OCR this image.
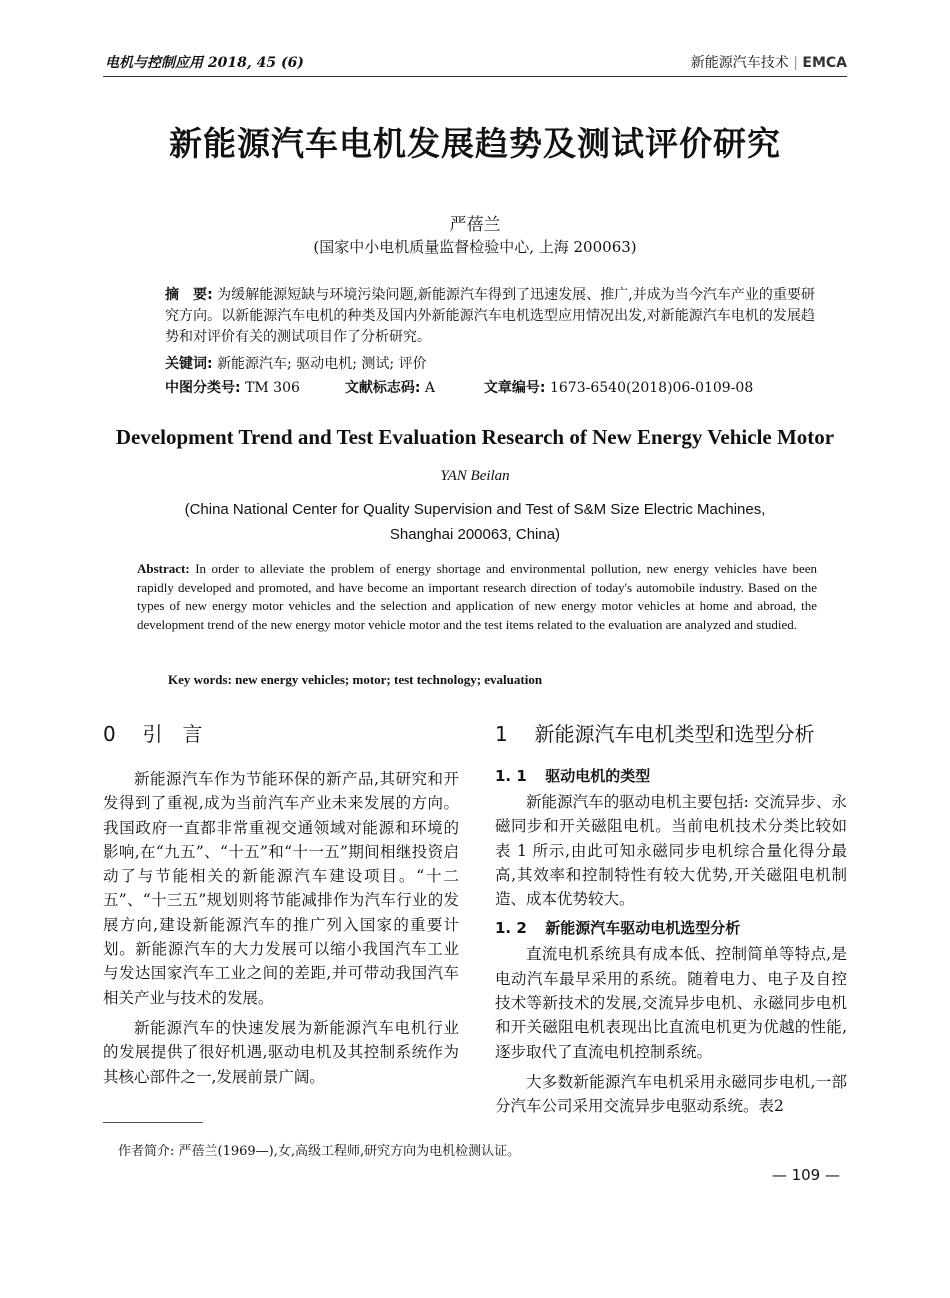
电机与控制应用 2018, 45 (6)	新能源汽车技术 | EMCA
新能源汽车电机发展趋势及测试评价研究
严蓓兰
(国家中小电机质量监督检验中心, 上海 200063)
摘　要: 为缓解能源短缺与环境污染问题,新能源汽车得到了迅速发展、推广,并成为当今汽车产业的重要研究方向。以新能源汽车电机的种类及国内外新能源汽车电机选型应用情况出发,对新能源汽车电机的发展趋势和对评价有关的测试项目作了分析研究。
关键词: 新能源汽车; 驱动电机; 测试; 评价
中图分类号: TM 306	文献标志码: A	文章编号: 1673-6540(2018)06-0109-08
Development Trend and Test Evaluation Research of New Energy Vehicle Motor
YAN Beilan
(China National Center for Quality Supervision and Test of S&M Size Electric Machines,
Shanghai 200063, China)
Abstract: In order to alleviate the problem of energy shortage and environmental pollution, new energy vehicles have been rapidly developed and promoted, and have become an important research direction of today's automobile industry. Based on the types of new energy motor vehicles and the selection and application of new energy motor vehicles at home and abroad, the development trend of the new energy motor vehicle motor and the test items related to the evaluation are analyzed and studied.
Key words: new energy vehicles; motor; test technology; evaluation
0 引　言

新能源汽车作为节能环保的新产品,其研究和开发得到了重视,成为当前汽车产业未来发展的方向。我国政府一直都非常重视交通领域对能源和环境的影响,在“九五”、“十五”和“十一五”期间相继投资启动了与节能相关的新能源汽车建设项目。“十二五”、“十三五”规划则将节能减排作为汽车行业的发展方向,建设新能源汽车的推广列入国家的重要计划。新能源汽车的大力发展可以缩小我国汽车工业与发达国家汽车工业之间的差距,并可带动我国汽车相关产业与技术的发展。

新能源汽车的快速发展为新能源汽车电机行业的发展提供了很好机遇,驱动电机及其控制系统作为其核心部件之一,发展前景广阔。

1 新能源汽车电机类型和选型分析
1. 1 驱动电机的类型

新能源汽车的驱动电机主要包括: 交流异步、永磁同步和开关磁阻电机。当前电机技术分类比较如表 1 所示,由此可知永磁同步电机综合量化得分最高,其效率和控制特性有较大优势,开关磁阻电机制造、成本优势较大。

1. 2 新能源汽车驱动电机选型分析

直流电机系统具有成本低、控制简单等特点,是电动汽车最早采用的系统。随着电力、电子及自控技术等新技术的发展,交流异步电机、永磁同步电机和开关磁阻电机表现出比直流电机更为优越的性能,逐步取代了直流电机控制系统。

大多数新能源汽车电机采用永磁同步电机,一部分汽车公司采用交流异步电驱动系统。表2

作者简介: 严蓓兰(1969—),女,高级工程师,研究方向为电机检测认证。
— 109 —
